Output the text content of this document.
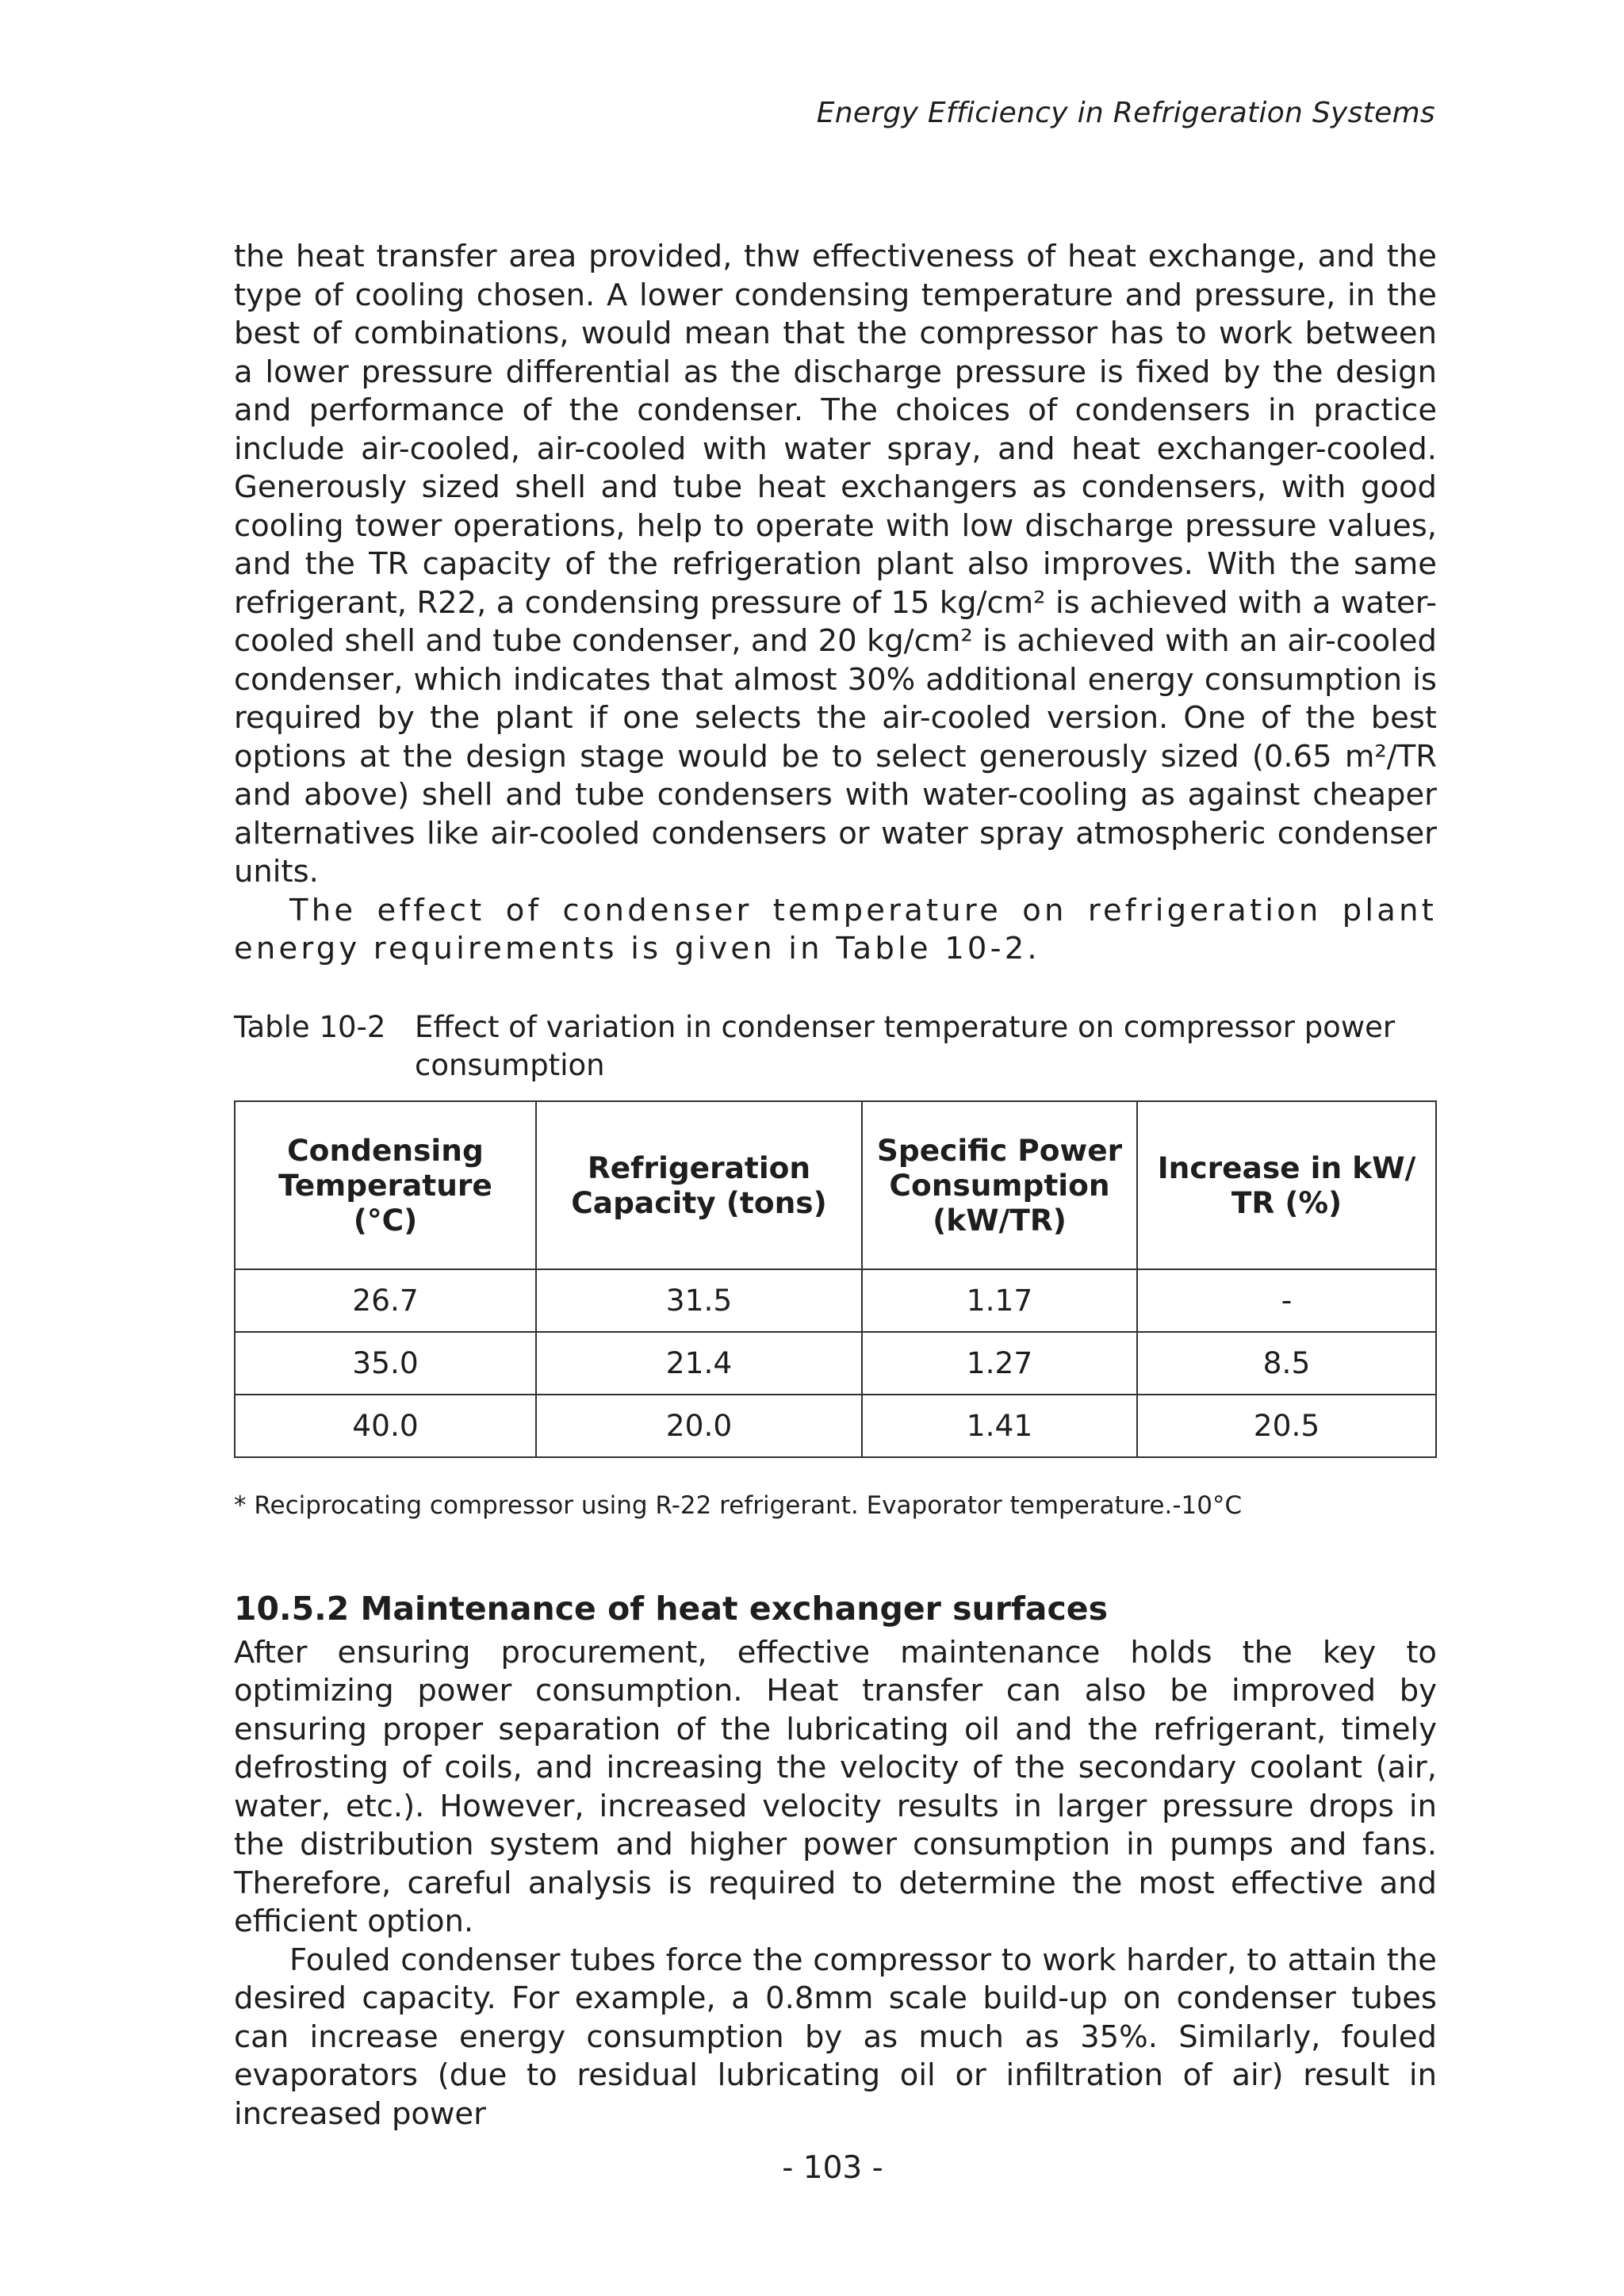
Energy Efficiency in Refrigeration Systems

the heat transfer area provided, thw effectiveness of heat exchange, and the type of cooling chosen. A lower condensing temperature and pressure, in the best of combinations, would mean that the compressor has to work between a lower pressure differential as the discharge pressure is fixed by the design and performance of the condenser. The choices of condensers in practice include air-cooled, air-cooled with water spray, and heat exchanger-cooled. Generously sized shell and tube heat exchangers as condensers, with good cooling tower operations, help to operate with low discharge pressure values, and the TR capacity of the refrigeration plant also improves. With the same refrigerant, R22, a condensing pressure of 15 kg/cm² is achieved with a water-cooled shell and tube condenser, and 20 kg/cm² is achieved with an air-cooled condenser, which indicates that almost 30% additional energy consumption is required by the plant if one selects the air-cooled version. One of the best options at the design stage would be to select generously sized (0.65 m²/TR and above) shell and tube condensers with water-cooling as against cheaper alternatives like air-cooled condensers or water spray atmospheric condenser units.

The effect of condenser temperature on refrigeration plant energy requirements is given in Table 10-2.

Table 10-2 Effect of variation in condenser temperature on compressor power consumption
Condensing Temperature (°C)	Refrigeration Capacity (tons)	Specific Power Consumption (kW/TR)	Increase in kW/ TR (%)
26.7	31.5	1.17	-
35.0	21.4	1.27	8.5
40.0	20.0	1.41	20.5
* Reciprocating compressor using R-22 refrigerant. Evaporator temperature.-10°C
10.5.2 Maintenance of heat exchanger surfaces

After ensuring procurement, effective maintenance holds the key to optimizing power consumption. Heat transfer can also be improved by ensuring proper separation of the lubricating oil and the refrigerant, timely defrosting of coils, and increasing the velocity of the secondary coolant (air, water, etc.). However, increased velocity results in larger pressure drops in the distribution system and higher power consumption in pumps and fans. Therefore, careful analysis is required to determine the most effective and efficient option.

Fouled condenser tubes force the compressor to work harder, to attain the desired capacity. For example, a 0.8mm scale build-up on condenser tubes can increase energy consumption by as much as 35%. Similarly, fouled evaporators (due to residual lubricating oil or infiltration of air) result in increased power

- 103 -
